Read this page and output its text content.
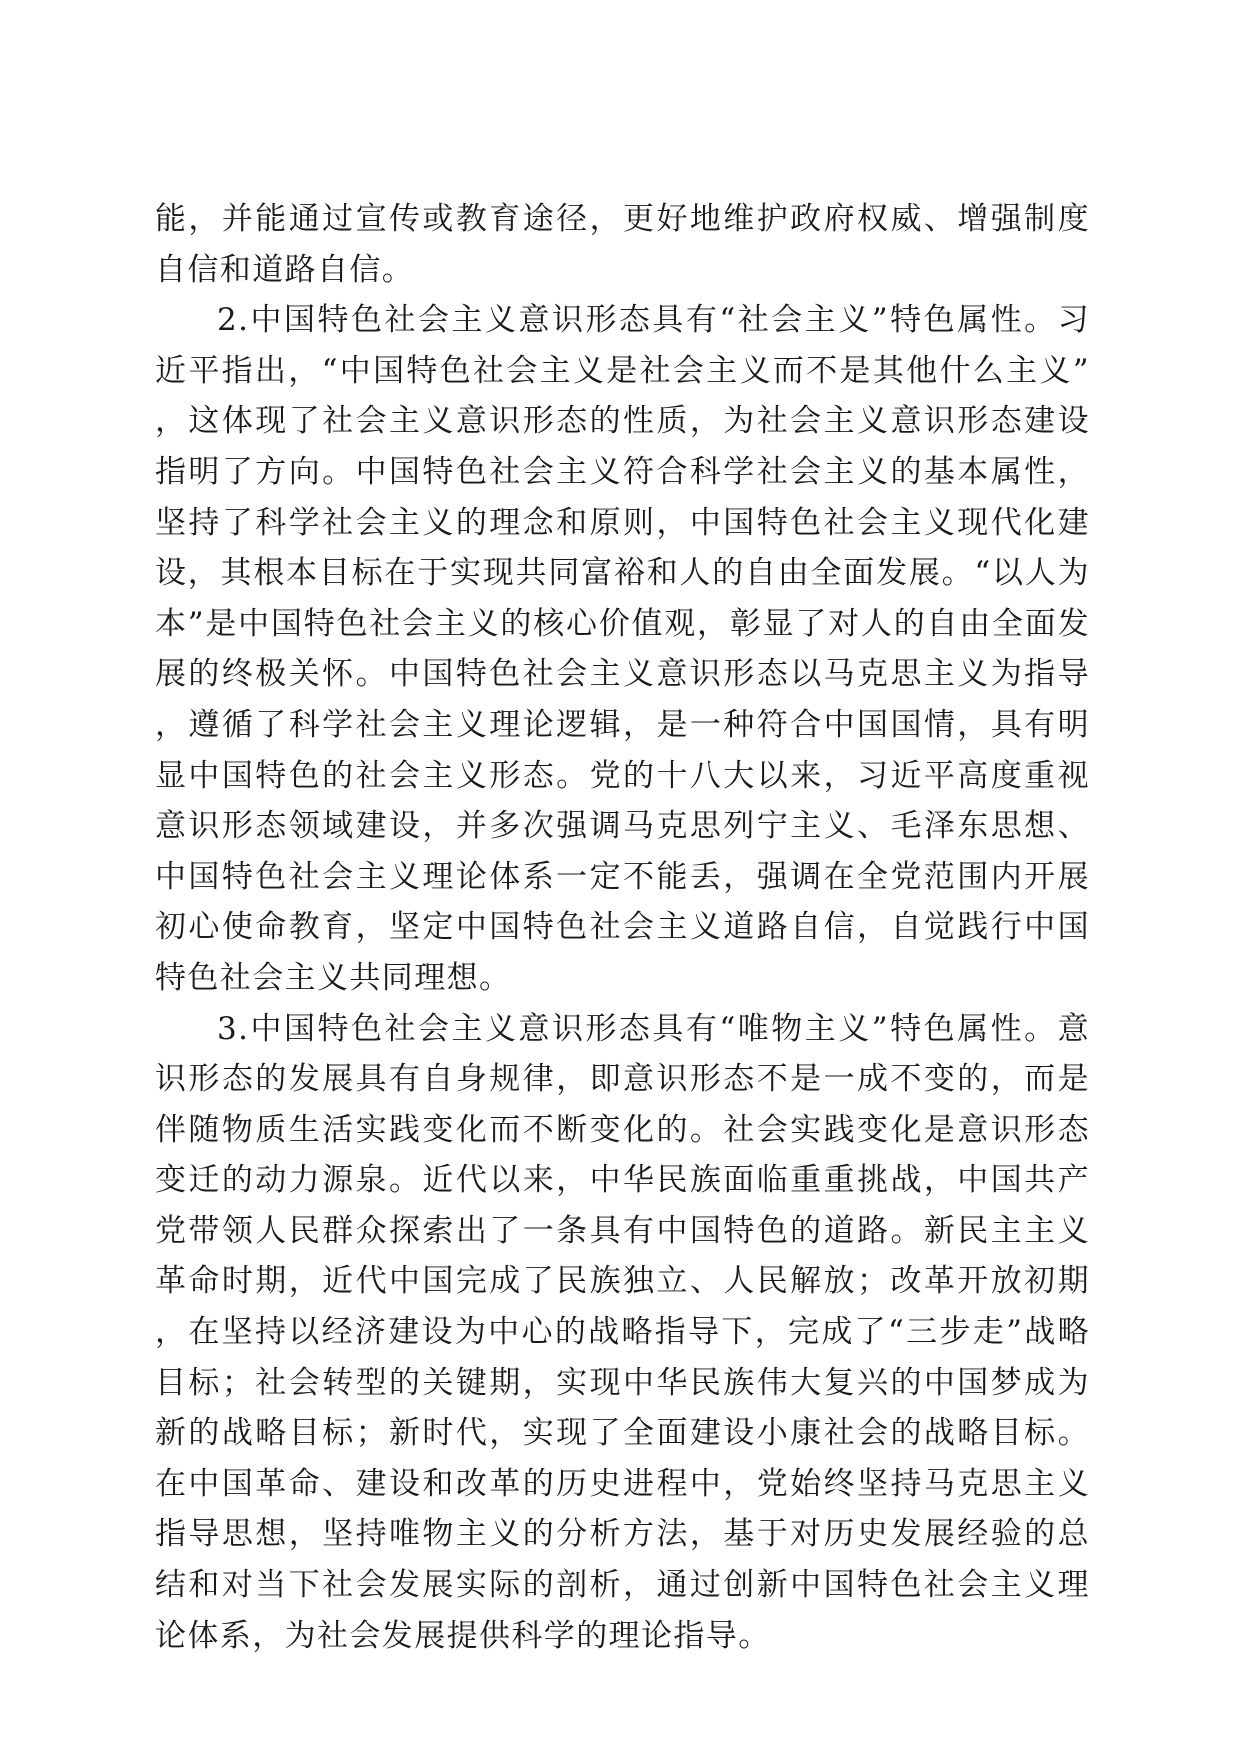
能，并能通过宣传或教育途径，更好地维护政府权威、增强制度自信和道路自信。

2.中国特色社会主义意识形态具有“社会主义”特色属性。习近平指出，“中国特色社会主义是社会主义而不是其他什么主义”，这体现了社会主义意识形态的性质，为社会主义意识形态建设指明了方向。中国特色社会主义符合科学社会主义的基本属性，坚持了科学社会主义的理念和原则，中国特色社会主义现代化建设，其根本目标在于实现共同富裕和人的自由全面发展。“以人为本”是中国特色社会主义的核心价值观，彰显了对人的自由全面发展的终极关怀。中国特色社会主义意识形态以马克思主义为指导，遵循了科学社会主义理论逻辑，是一种符合中国国情，具有明显中国特色的社会主义形态。党的十八大以来，习近平高度重视意识形态领域建设，并多次强调马克思列宁主义、毛泽东思想、中国特色社会主义理论体系一定不能丢，强调在全党范围内开展初心使命教育，坚定中国特色社会主义道路自信，自觉践行中国特色社会主义共同理想。

3.中国特色社会主义意识形态具有“唯物主义”特色属性。意识形态的发展具有自身规律，即意识形态不是一成不变的，而是伴随物质生活实践变化而不断变化的。社会实践变化是意识形态变迁的动力源泉。近代以来，中华民族面临重重挑战，中国共产党带领人民群众探索出了一条具有中国特色的道路。新民主主义革命时期，近代中国完成了民族独立、人民解放；改革开放初期，在坚持以经济建设为中心的战略指导下，完成了“三步走”战略目标；社会转型的关键期，实现中华民族伟大复兴的中国梦成为新的战略目标；新时代，实现了全面建设小康社会的战略目标。在中国革命、建设和改革的历史进程中，党始终坚持马克思主义指导思想，坚持唯物主义的分析方法，基于对历史发展经验的总结和对当下社会发展实际的剖析，通过创新中国特色社会主义理论体系，为社会发展提供科学的理论指导。
